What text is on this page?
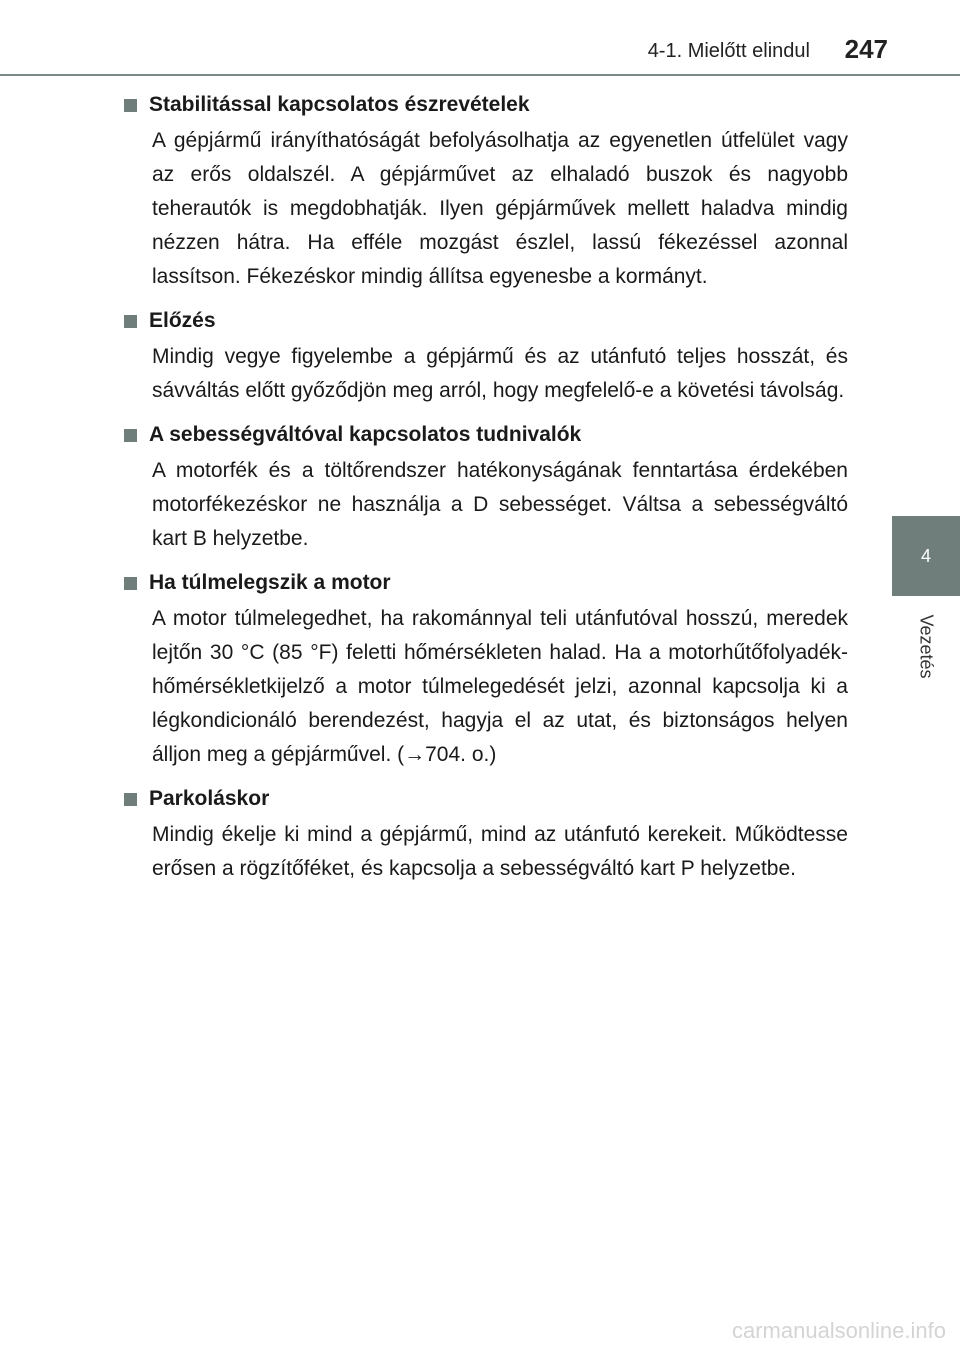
4-1. Mielőtt elindul 247
4
Vezetés
Stabilitással kapcsolatos észrevételek
A gépjármű irányíthatóságát befolyásolhatja az egyenetlen útfelület vagy az erős oldalszél. A gépjárművet az elhaladó buszok és nagyobb teherautók is megdobhatják. Ilyen gépjárművek mellett haladva mindig nézzen hátra. Ha efféle mozgást észlel, lassú fékezéssel azonnal lassítson. Fékezéskor mindig állítsa egyenesbe a kormányt.
Előzés
Mindig vegye figyelembe a gépjármű és az utánfutó teljes hosszát, és sávváltás előtt győződjön meg arról, hogy megfelelő-e a követési távolság.
A sebességváltóval kapcsolatos tudnivalók
A motorfék és a töltőrendszer hatékonyságának fenntartása érdekében motorfékezéskor ne használja a D sebességet. Váltsa a sebességváltó kart B helyzetbe.
Ha túlmelegszik a motor
A motor túlmelegedhet, ha rakománnyal teli utánfutóval hosszú, meredek lejtőn 30 °C (85 °F) feletti hőmérsékleten halad. Ha a motorhűtőfolyadék-hőmérsékletkijelző a motor túlmelegedését jelzi, azonnal kapcsolja ki a légkondicionáló berendezést, hagyja el az utat, és biztonságos helyen álljon meg a gépjárművel. (→704. o.)
Parkoláskor
Mindig ékelje ki mind a gépjármű, mind az utánfutó kerekeit. Működtesse erősen a rögzítőféket, és kapcsolja a sebességváltó kart P helyzetbe.
carmanualsonline.info
